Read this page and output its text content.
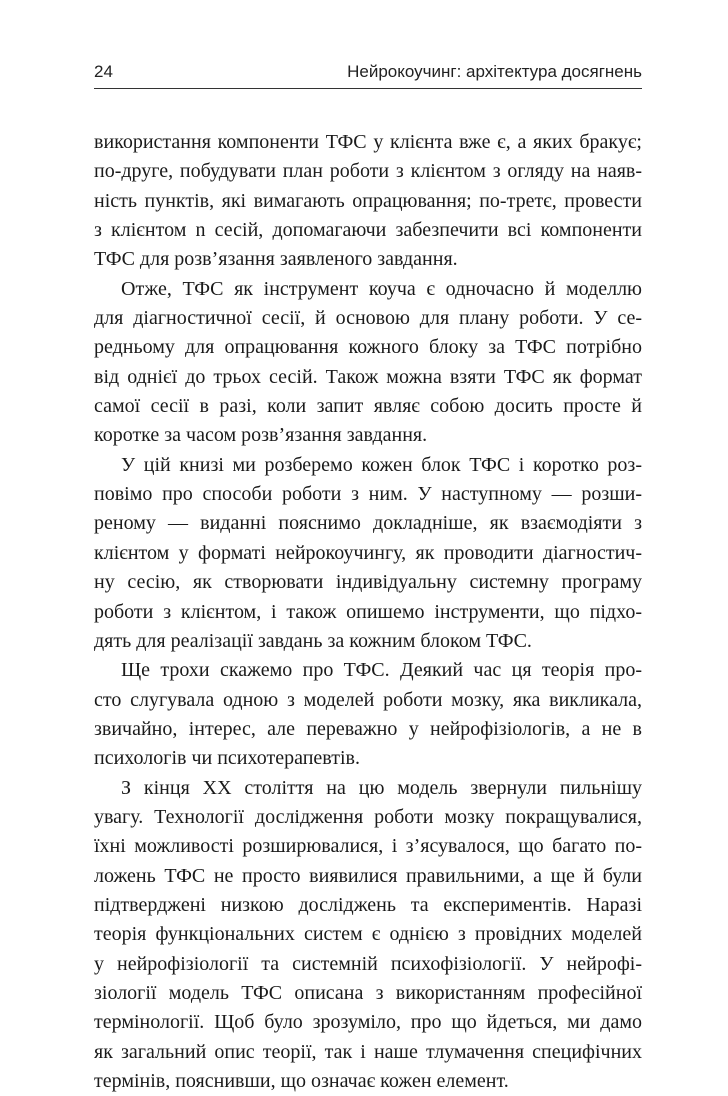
24	Нейрокоучинг: архітектура досягнень

використання компоненти ТФС у клієнта вже є, а яких бракує;
по-друге, побудувати план роботи з клієнтом з огляду на наяв-
ність пунктів, які вимагають опрацювання; по-третє, провести
з клієнтом n сесій, допомагаючи забезпечити всі компоненти
ТФС для розв’язання заявленого завдання.

Отже, ТФС як інструмент коуча є одночасно й моделлю
для діагностичної сесії, й основою для плану роботи. У се-
редньому для опрацювання кожного блоку за ТФС потрібно
від однієї до трьох сесій. Також можна взяти ТФС як формат
самої сесії в разі, коли запит являє собою досить просте й
коротке за часом розв’язання завдання.

У цій книзі ми розберемо кожен блок ТФС і коротко роз-
повімо про способи роботи з ним. У наступному — розши-
реному — виданні пояснимо докладніше, як взаємодіяти з
клієнтом у форматі нейрокоучингу, як проводити діагностич-
ну сесію, як створювати індивідуальну системну програму
роботи з клієнтом, і також опишемо інструменти, що підхо-
дять для реалізації завдань за кожним блоком ТФС.

Ще трохи скажемо про ТФС. Деякий час ця теорія про-
сто слугувала одною з моделей роботи мозку, яка викликала,
звичайно, інтерес, але переважно у нейрофізіологів, а не в
психологів чи психотерапевтів.

З кінця XX століття на цю модель звернули пильнішу
увагу. Технології дослідження роботи мозку покращувалися,
їхні можливості розширювалися, і з’ясувалося, що багато по-
ложень ТФС не просто виявилися правильними, а ще й були
підтверджені низкою досліджень та експериментів. Наразі
теорія функціональних систем є однією з провідних моделей
у нейрофізіології та системній психофізіології. У нейрофі-
зіології модель ТФС описана з використанням професійної
термінології. Щоб було зрозуміло, про що йдеться, ми дамо
як загальний опис теорії, так і наше тлумачення специфічних
термінів, пояснивши, що означає кожен елемент.
